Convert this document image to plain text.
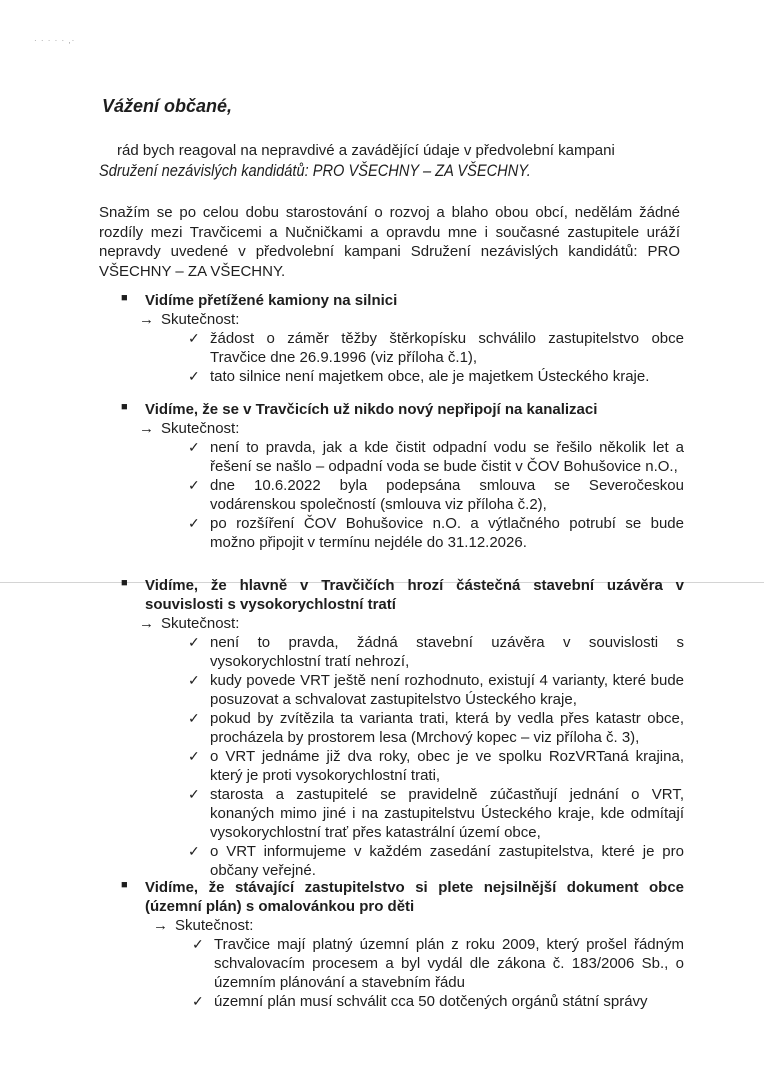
· · · · · ,·
Vážení občané,
rád bych reagoval na nepravdivé a zavádějící údaje v předvolební kampani
Sdružení nezávislých kandidátů: PRO VŠECHNY – ZA VŠECHNY.
Snažím se po celou dobu starostování o rozvoj a blaho obou obcí, nedělám žádné rozdíly mezi Travčicemi a Nučničkami a opravdu mne i současné zastupitele uráží nepravdy uvedené v předvolební kampani Sdružení nezávislých kandidátů: PRO VŠECHNY – ZA VŠECHNY.
■ Vidíme přetížené kamiony na silnici
→ Skutečnost:
✓ žádost o záměr těžby štěrkopísku schválilo zastupitelstvo obce Travčice dne 26.9.1996 (viz příloha č.1),
✓ tato silnice není majetkem obce, ale je majetkem Ústeckého kraje.
■ Vidíme, že se v Travčicích už nikdo nový nepřipojí na kanalizaci
→ Skutečnost:
✓ není to pravda, jak a kde čistit odpadní vodu se řešilo několik let a řešení se našlo – odpadní voda se bude čistit v ČOV Bohušovice n.O.,
✓ dne 10.6.2022 byla podepsána smlouva se Severočeskou vodárenskou společností (smlouva viz příloha č.2),
✓ po rozšíření ČOV Bohušovice n.O. a výtlačného potrubí se bude možno připojit v termínu nejdéle do 31.12.2026.
■ Vidíme, že hlavně v Travčičích hrozí částečná stavební uzávěra v souvislosti s vysokorychlostní tratí
→ Skutečnost:
✓ není to pravda, žádná stavební uzávěra v souvislosti s vysokorychlostní tratí nehrozí,
✓ kudy povede VRT ještě není rozhodnuto, existují 4 varianty, které bude posuzovat a schvalovat zastupitelstvo Ústeckého kraje,
✓ pokud by zvítězila ta varianta trati, která by vedla přes katastr obce, procházela by prostorem lesa (Mrchový kopec – viz příloha č. 3),
✓ o VRT jednáme již dva roky, obec je ve spolku RozVRTaná krajina, který je proti vysokorychlostní trati,
✓ starosta a zastupitelé se pravidelně zúčastňují jednání o VRT, konaných mimo jiné i na zastupitelstvu Ústeckého kraje, kde odmítají vysokorychlostní trať přes katastrální území obce,
✓ o VRT informujeme v každém zasedání zastupitelstva, které je pro občany veřejné.
■ Vidíme, že stávající zastupitelstvo si plete nejsilnější dokument obce (územní plán) s omalovánkou pro děti
→ Skutečnost:
✓ Travčice mají platný územní plán z roku 2009, který prošel řádným schvalovacím procesem a byl vydál dle zákona č. 183/2006 Sb., o územním plánování a stavebním řádu
✓ územní plán musí schválit cca 50 dotčených orgánů státní správy
